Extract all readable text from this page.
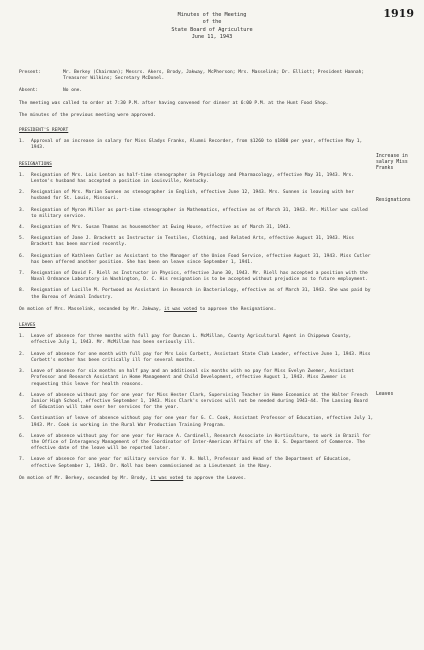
1919
Minutes of the Meeting
of the
State Board of Agriculture
June 11, 1943
Increase in
salary Miss
Franks
Resignations
Leaves
Present:	Mr. Berkey (Chairman); Messrs. Akers, Brody, Jakway, McPherson; Mrs. Masselink; Dr. Elliott; President Hannah; Treasurer Wilkins; Secretary McDonel.
Absent:	No one.

The meeting was called to order at 7:30 P.M. after having convened for dinner at 6:00 P.M. at the Hunt Food Shop.

The minutes of the previous meeting were approved.

PRESIDENT'S REPORT

1.	Approval of an increase in salary for Miss Gladys Franks, Alumni Recorder, from $1260 to $1800 per year, effective May 1, 1943.

RESIGNATIONS

1.	Resignation of Mrs. Lois Lenton as half-time stenographer in Physiology and Pharmacology, effective May 31, 1943. Mrs. Lenton's husband has accepted a position in Louisville, Kentucky.
2.	Resignation of Mrs. Marian Sunnen as stenographer in English, effective June 12, 1943. Mrs. Sunnen is leaving with her husband for St. Louis, Missouri.
3.	Resignation of Myron Miller as part-time stenographer in Mathematics, effective as of March 31, 1943. Mr. Miller was called to military service.
4.	Resignation of Mrs. Susan Thomas as housemother at Ewing House, effective as of March 31, 1943.
5.	Resignation of Jane J. Brackett as Instructor in Textiles, Clothing, and Related Arts, effective August 31, 1943. Miss Brackett has been married recently.
6.	Resignation of Kathleen Cutler as Assistant to the Manager of the Union Food Service, effective August 31, 1943. Miss Cutler has been offered another position. She has been on leave since September 1, 1941.
7.	Resignation of David F. Riell as Instructor in Physics, effective June 30, 1943. Mr. Riell has accepted a position with the Naval Ordnance Laboratory in Washington, D. C. His resignation is to be accepted without prejudice as to future employment.
8.	Resignation of Lucille M. Portwood as Assistant in Research in Bacteriology, effective as of March 31, 1943. She was paid by the Bureau of Animal Industry.

On motion of Mrs. Masselink, seconded by Mr. Jakway, it was voted to approve the Resignations.

LEAVES

1.	Leave of absence for three months with full pay for Duncan L. McMillan, County Agricultural Agent in Chippewa County, effective July 1, 1943. Mr. McMillan has been seriously ill.
2.	Leave of absence for one month with full pay for Mrs Lois Corbett, Assistant State Club Leader, effective June 1, 1943. Miss Corbett's mother has been critically ill for several months.
3.	Leave of absence for six months on half pay and an additional six months with no pay for Miss Evelyn Zwemer, Assistant Professor and Research Assistant in Home Management and Child Development, effective August 1, 1943. Miss Zwemer is requesting this leave for health reasons.
4.	Leave of absence without pay for one year for Miss Hester Clark, Supervising Teacher in Home Economics at the Walter French Junior High School, effective September 1, 1943. Miss Clark's services will not be needed during 1943-44. The Lansing Board of Education will take over her services for the year.
5.	Continuation of leave of absence without pay for one year for G. C. Cook, Assistant Professor of Education, effective July 1, 1943. Mr. Cook is working in the Rural War Production Training Program.
6.	Leave of absence without pay for one year for Horace A. Cardinell, Research Associate in Horticulture, to work in Brazil for the Office of Interagency Management of the Coordinator of Inter-American Affairs of the U. S. Department of Commerce. The effective date of the leave will be reported later.
7.	Leave of absence for one year for military service for V. R. Noll, Professor and Head of the Department of Education, effective September 1, 1943. Dr. Noll has been commissioned as a Lieutenant in the Navy.

On motion of Mr. Berkey, seconded by Mr. Brody, it was voted to approve the Leaves.
